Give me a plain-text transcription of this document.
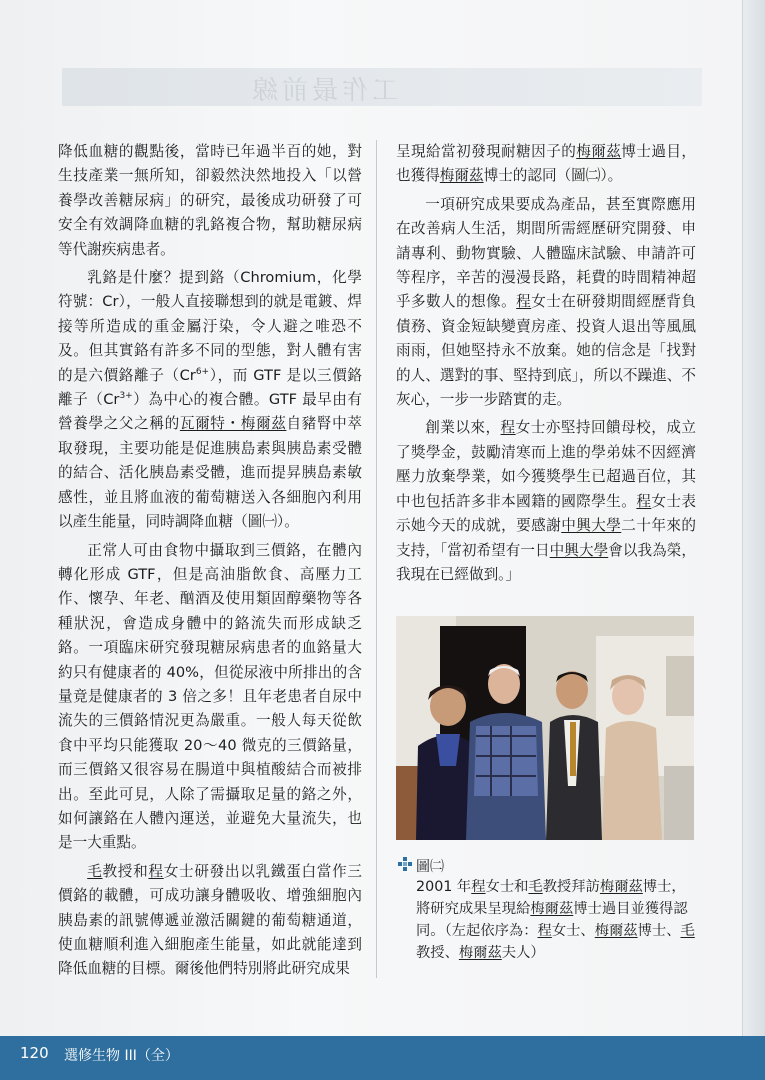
工作最前線

降低血糖的觀點後，當時已年過半百的她，對生技產業一無所知，卻毅然決然地投入「以營養學改善糖尿病」的研究，最後成功研發了可安全有效調降血糖的乳鉻複合物，幫助糖尿病等代謝疾病患者。

乳鉻是什麼？提到鉻（Chromium，化學符號：Cr），一般人直接聯想到的就是電鍍、焊接等所造成的重金屬汙染，令人避之唯恐不及。但其實鉻有許多不同的型態，對人體有害的是六價鉻離子$(Cr^{6+})$，而 GTF 是以三價鉻離子$(Cr^{3+})$為中心的複合體。GTF 最早由有營養學之父之稱的瓦爾特・梅爾茲自豬腎中萃取發現，主要功能是促進胰島素與胰島素受體的結合、活化胰島素受體，進而提昇胰島素敏感性，並且將血液的葡萄糖送入各細胞內利用以產生能量，同時調降血糖（圖㈠）。

正常人可由食物中攝取到三價鉻，在體內轉化形成 GTF，但是高油脂飲食、高壓力工作、懷孕、年老、酗酒及使用類固醇藥物等各種狀況，會造成身體中的鉻流失而形成缺乏鉻。一項臨床研究發現糖尿病患者的血鉻量大約只有健康者的 40%，但從尿液中所排出的含量竟是健康者的 3 倍之多！且年老患者自尿中流失的三價鉻情況更為嚴重。一般人每天從飲食中平均只能獲取 20～40 微克的三價鉻量，而三價鉻又很容易在腸道中與植酸結合而被排出。至此可見，人除了需攝取足量的鉻之外，如何讓鉻在人體內運送，並避免大量流失，也是一大重點。

毛教授和程女士研發出以乳鐵蛋白當作三價鉻的載體，可成功讓身體吸收、增強細胞內胰島素的訊號傳遞並激活關鍵的葡萄糖通道，使血糖順利進入細胞產生能量，如此就能達到降低血糖的目標。爾後他們特別將此研究成果

呈現給當初發現耐糖因子的梅爾茲博士過目，也獲得梅爾茲博士的認同（圖㈡）。

一項研究成果要成為產品，甚至實際應用在改善病人生活，期間所需經歷研究開發、申請專利、動物實驗、人體臨床試驗、申請許可等程序，辛苦的漫漫長路，耗費的時間精神超乎多數人的想像。程女士在研發期間經歷背負債務、資金短缺變賣房產、投資人退出等風風雨雨，但她堅持永不放棄。她的信念是「找對的人、選對的事、堅持到底」，所以不躁進、不灰心，一步一步踏實的走。

創業以來，程女士亦堅持回饋母校，成立了獎學金，鼓勵清寒而上進的學弟妹不因經濟壓力放棄學業，如今獲獎學生已超過百位，其中也包括許多非本國籍的國際學生。程女士表示她今天的成就，要感謝中興大學二十年來的支持，「當初希望有一日中興大學會以我為榮，我現在已經做到。」

圖㈡
2001 年程女士和毛教授拜訪梅爾茲博士，將研究成果呈現給梅爾茲博士過目並獲得認同。（左起依序為：程女士、梅爾茲博士、毛教授、梅爾茲夫人）
120 選修生物 III（全）
